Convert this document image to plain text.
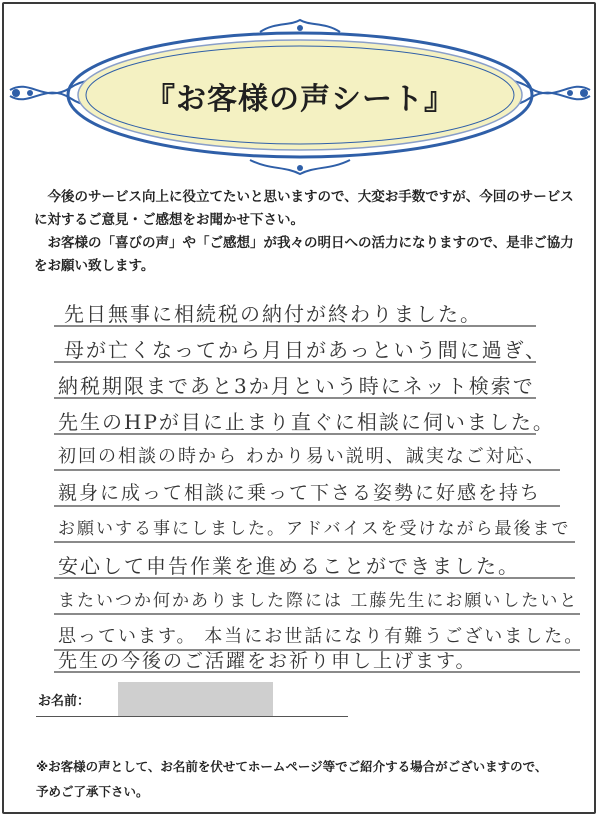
『お客様の声シート』

今後のサービス向上に役立てたいと思いますので、大変お手数ですが、今回のサービスに対するご意見・ご感想をお聞かせ下さい。

お客様の「喜びの声」や「ご感想」が我々の明日への活力になりますので、是非ご協力をお願い致します。

先日無事に相続税の納付が終わりました。
母が亡くなってから月日があっという間に過ぎ、
納税期限まであと3か月という時にネット検索で
先生のHPが目に止まり直ぐに相談に伺いました。
初回の相談の時から わかり易い説明、誠実なご対応、
親身に成って相談に乗って下さる姿勢に好感を持ち
お願いする事にしました。アドバイスを受けながら最後まで
安心して申告作業を進めることができました。
またいつか何かありました際には 工藤先生にお願いしたいと
思っています。 本当にお世話になり有難うございました。
先生の今後のご活躍をお祈り申し上げます。
お名前：

※お客様の声として、お名前を伏せてホームページ等でご紹介する場合がございますので、

予めご了承下さい。
